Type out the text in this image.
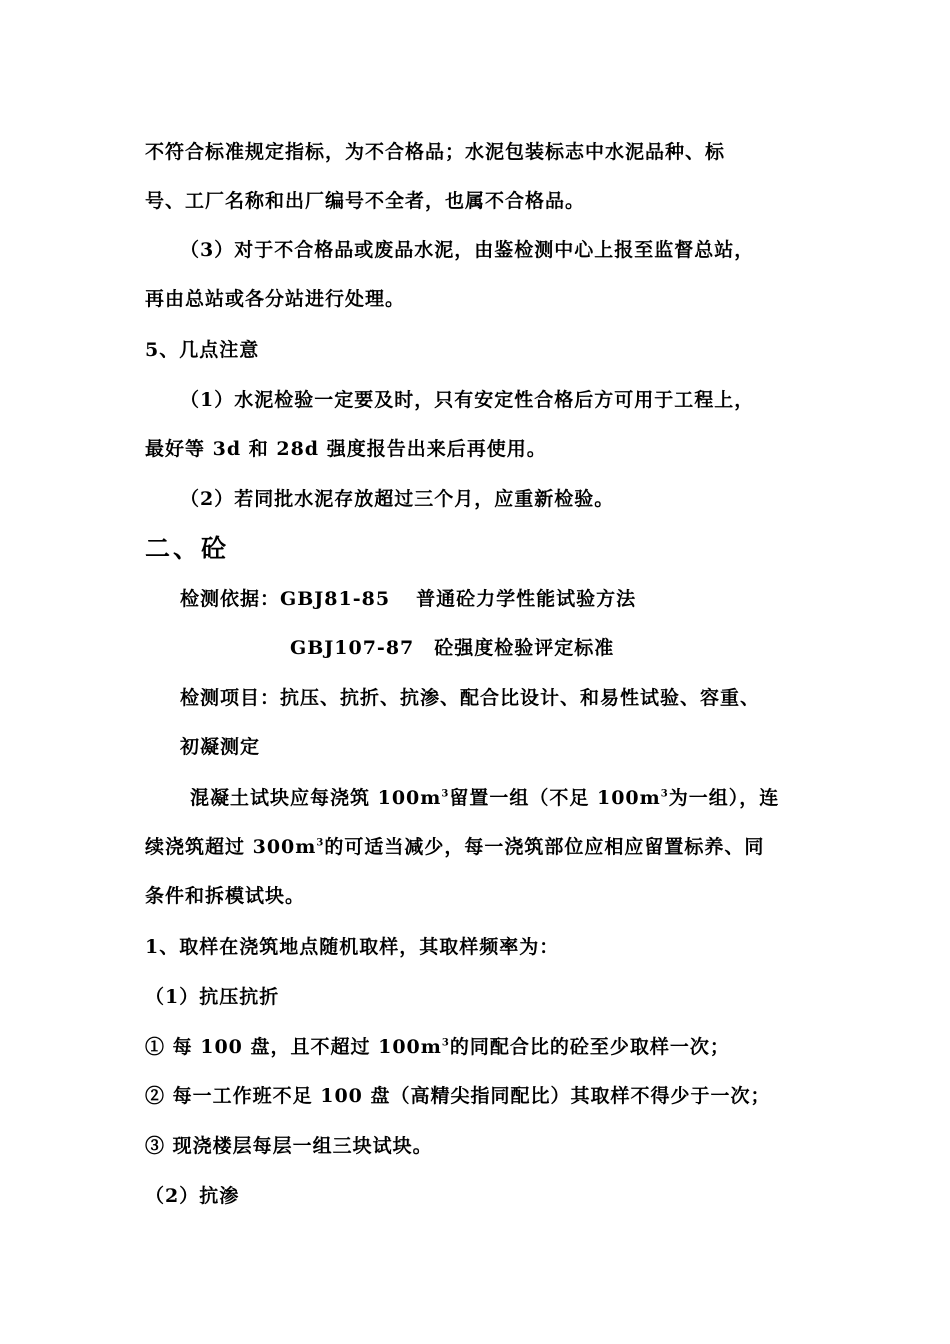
不符合标准规定指标，为不合格品；水泥包装标志中水泥品种、标
号、工厂名称和出厂编号不全者，也属不合格品。
（3）对于不合格品或废品水泥，由鉴检测中心上报至监督总站，
再由总站或各分站进行处理。
5、几点注意
（1）水泥检验一定要及时，只有安定性合格后方可用于工程上，
最好等 3d 和 28d 强度报告出来后再使用。
（2）若同批水泥存放超过三个月，应重新检验。
二、砼
检测依据：GBJ81-85 普通砼力学性能试验方法
GBJ107-87 砼强度检验评定标准
检测项目：抗压、抗折、抗渗、配合比设计、和易性试验、容重、
初凝测定
混凝土试块应每浇筑 $100m^3$留置一组（不足 $100m^3$为一组），连
续浇筑超过 $300m^3$的可适当减少，每一浇筑部位应相应留置标养、同
条件和拆模试块。
1、取样在浇筑地点随机取样，其取样频率为：
（1）抗压抗折
① 每 100 盘，且不超过 $100m^3$的同配合比的砼至少取样一次；
② 每一工作班不足 100 盘（高精尖指同配比）其取样不得少于一次；
③ 现浇楼层每层一组三块试块。
（2）抗渗
